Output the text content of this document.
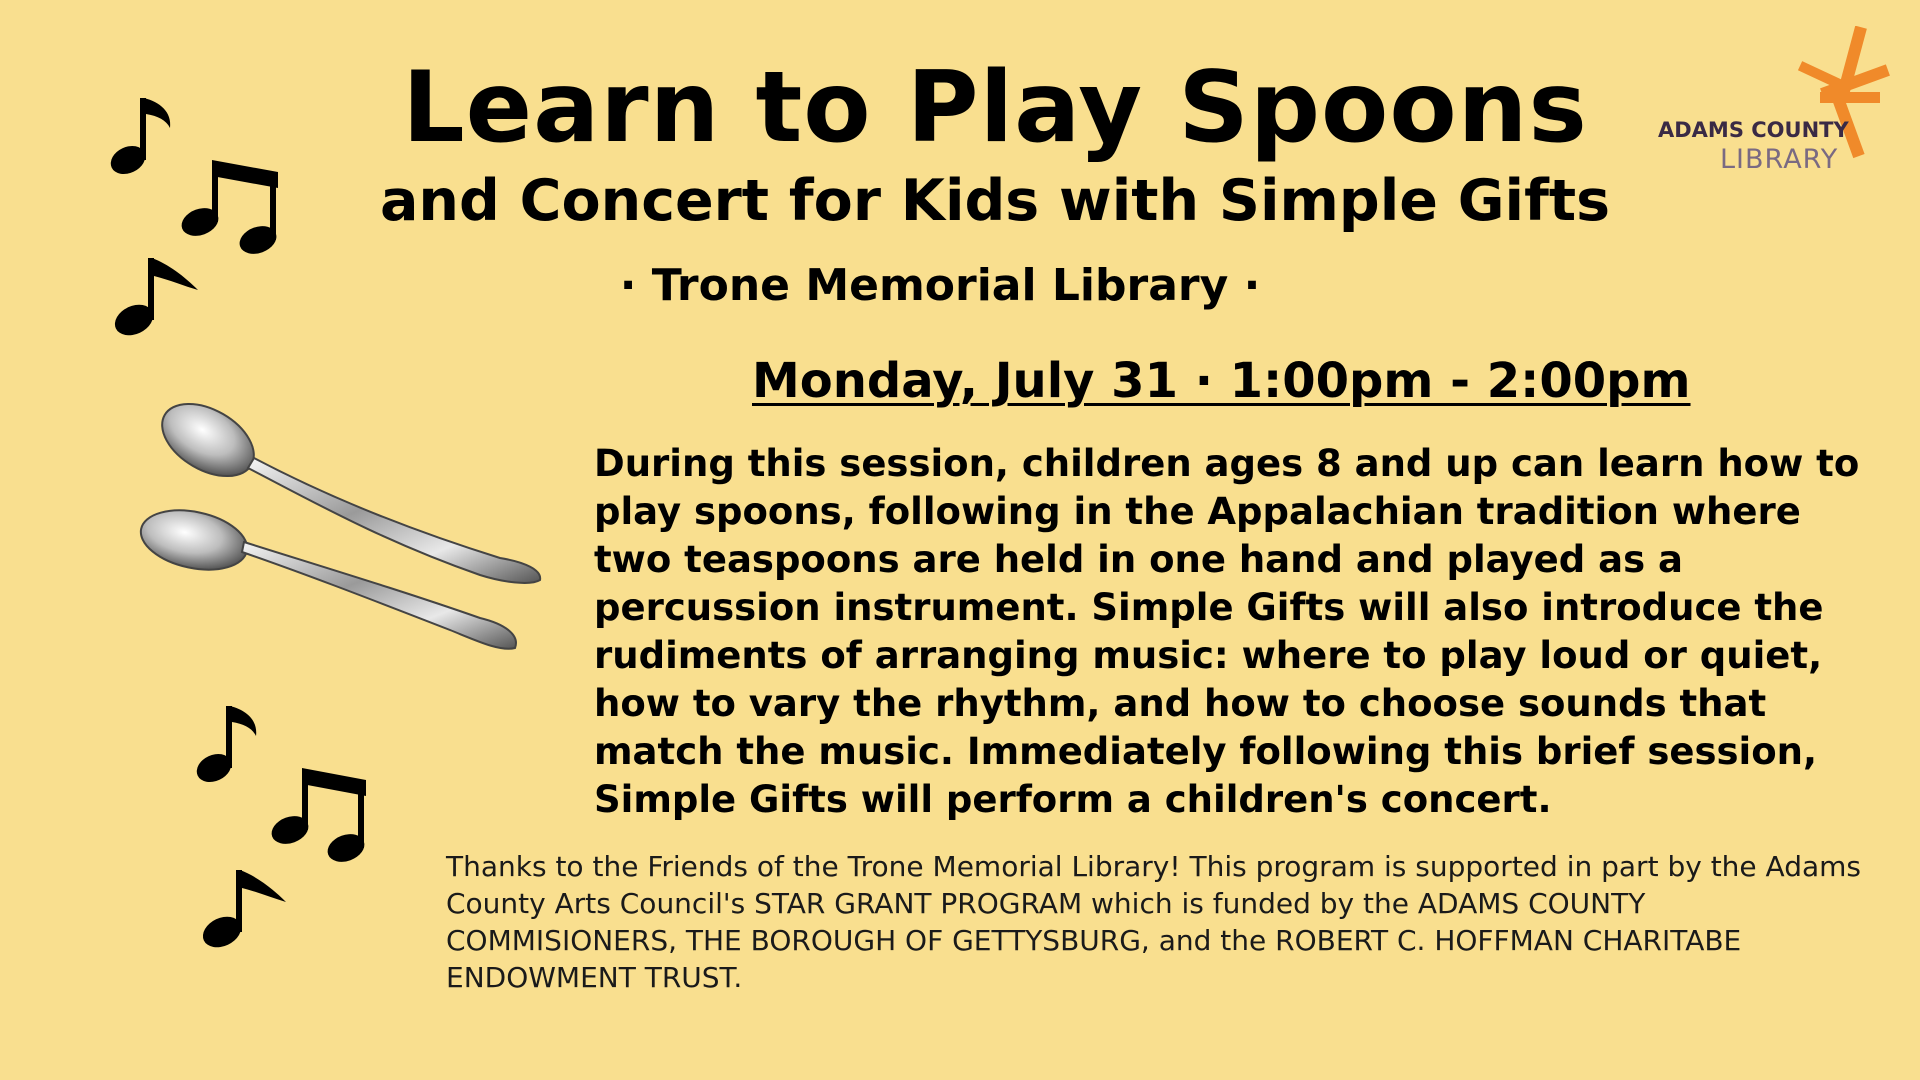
ADAMS COUNTY
LIBRARY
Learn to Play Spoons
and Concert for Kids with Simple Gifts
· Trone Memorial Library ·
Monday, July 31 · 1:00pm - 2:00pm
During this session, children ages 8 and up can learn how to play spoons, following in the Appalachian tradition where two teaspoons are held in one hand and played as a percussion instrument. Simple Gifts will also introduce the rudiments of arranging music: where to play loud or quiet, how to vary the rhythm, and how to choose sounds that match the music. Immediately following this brief session, Simple Gifts will perform a children's concert.
Thanks to the Friends of the Trone Memorial Library! This program is supported in part by the Adams County Arts Council's STAR GRANT PROGRAM which is funded by the ADAMS COUNTY COMMISIONERS, THE BOROUGH OF GETTYSBURG, and the ROBERT C. HOFFMAN CHARITABE ENDOWMENT TRUST.
